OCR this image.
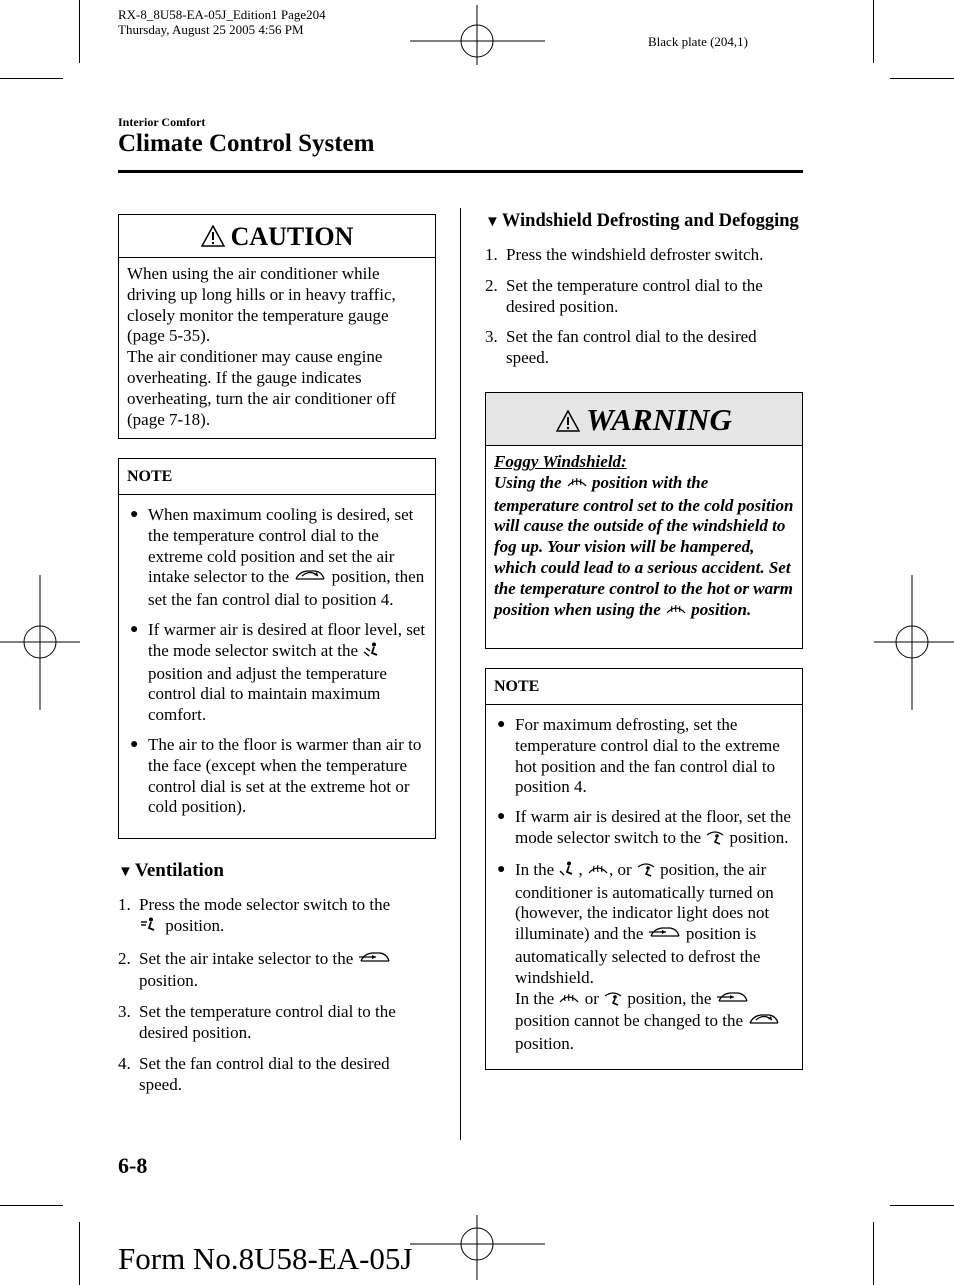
RX-8_8U58-EA-05J_Edition1 Page204
Thursday, August 25 2005 4:56 PM
Black plate (204,1)
Interior Comfort
Climate Control System
CAUTION
When using the air conditioner while driving up long hills or in heavy traffic, closely monitor the temperature gauge (page 5-35).
The air conditioner may cause engine overheating. If the gauge indicates overheating, turn the air conditioner off (page 7-18).
NOTE
● When maximum cooling is desired, set the temperature control dial to the extreme cold position and set the air intake selector to the	position, then set the fan control dial to position 4.
● If warmer air is desired at floor level, set the mode selector switch at the  position and adjust the temperature control dial to maintain maximum comfort.
● The air to the floor is warmer than air to the face (except when the temperature control dial is set at the extreme hot or cold position).
▼ Ventilation
1. Press the mode selector switch to the
position.
2. Set the air intake selector to the
position.
3. Set the temperature control dial to the desired position.
4. Set the fan control dial to the desired speed.
▼ Windshield Defrosting and Defogging
1. Press the windshield defroster switch.
2. Set the temperature control dial to the desired position.
3. Set the fan control dial to the desired speed.
WARNING
Foggy Windshield:
Using the position with the temperature control set to the cold position will cause the outside of the windshield to fog up. Your vision will be hampered, which could lead to a serious accident. Set the temperature control to the hot or warm position when using the position.
NOTE
● For maximum defrosting, set the temperature control dial to the extreme hot position and the fan control dial to position 4.
● If warm air is desired at the floor, set the mode selector switch to the position.
● In the , , or position, the air conditioner is automatically turned on (however, the indicator light does not illuminate) and the	position is automatically selected to defrost the windshield.
In the or position, the  position cannot be changed to the  position.
6-8
Form No.8U58-EA-05J
